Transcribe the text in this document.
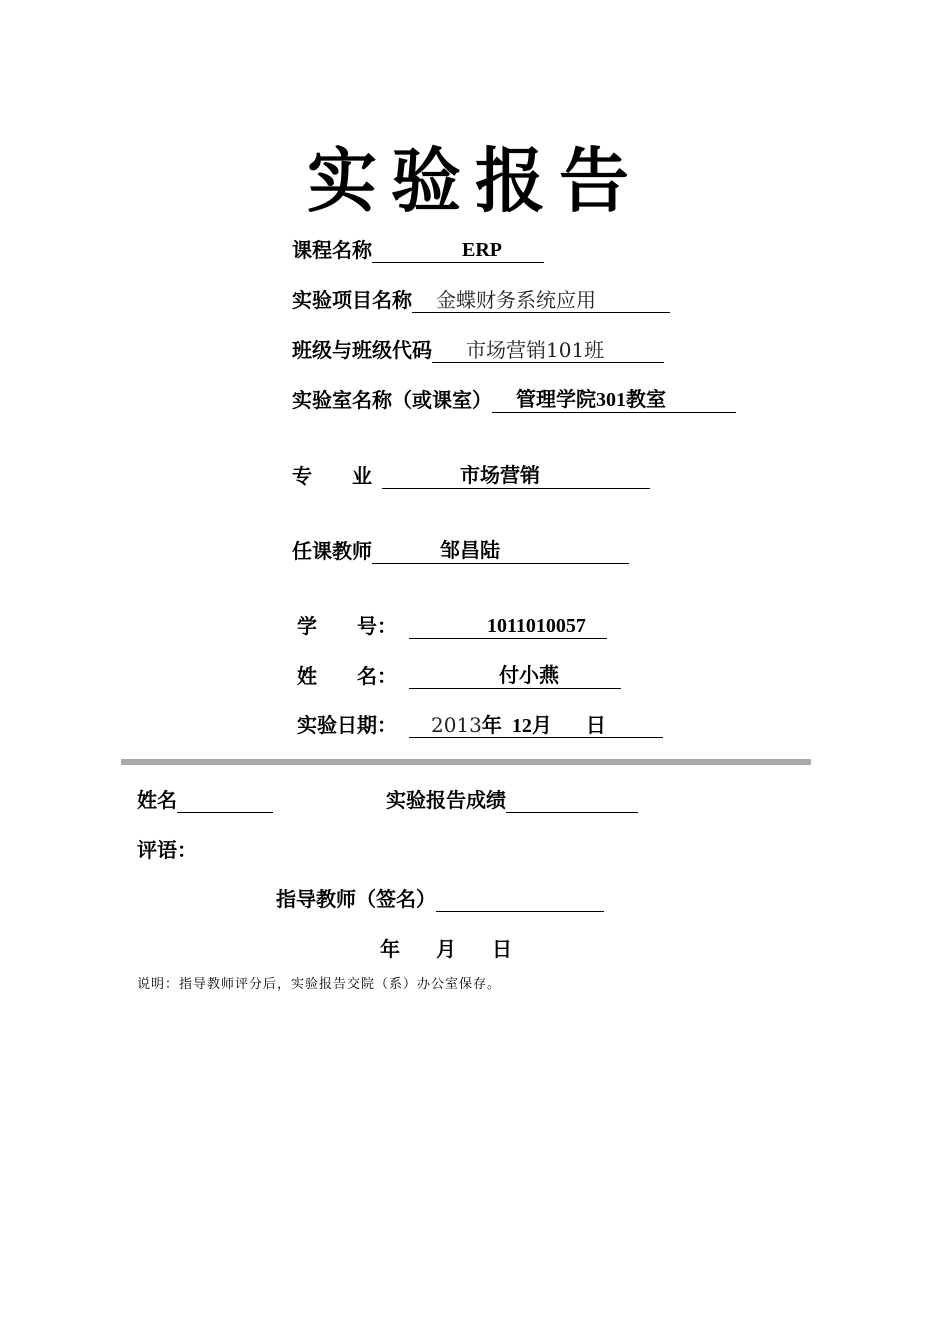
实验报告
课程名称	ERP
实验项目名称 金蝶财务系统应用
班级与班级代码 市场营销101班
实验室名称（或课室） 管理学院301教室
专　　业	市场营销
任课教师	邹昌陆
学　　号：	1011010057
姓　　名：	付小燕
实验日期： 2013年 12月 日
姓名	实验报告成绩
评语：
指导教师（签名）
年 月 日
说明：指导教师评分后，实验报告交院（系）办公室保存。
